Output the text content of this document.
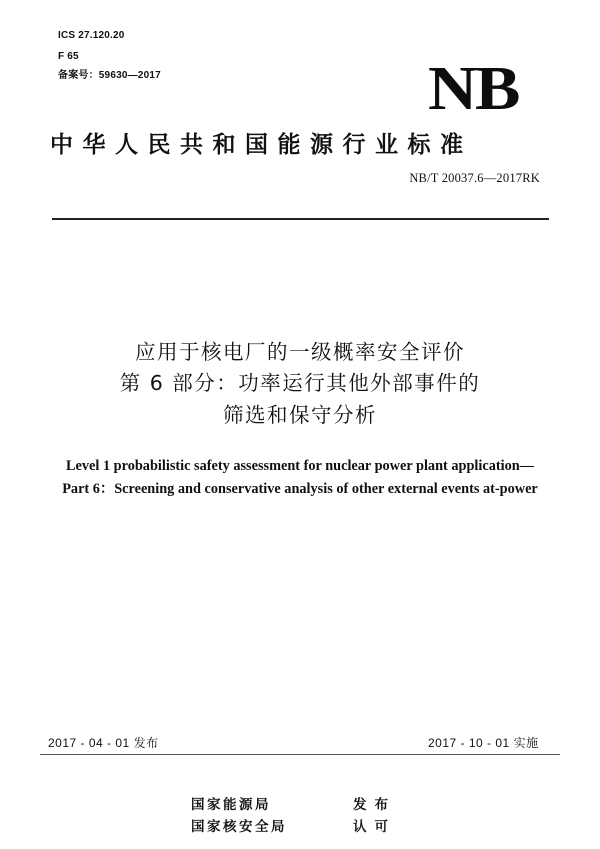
ICS 27.120.20
F 65
备案号：59630—2017	NB
中华人民共和国能源行业标准
NB/T 20037.6—2017RK
应用于核电厂的一级概率安全评价
第 6 部分：功率运行其他外部事件的
筛选和保守分析
Level 1 probabilistic safety assessment for nuclear power plant application—
Part 6：Screening and conservative analysis of other external events at-power
2017 - 04 - 01 发布	2017 - 10 - 01 实施
国家能源局	发布
国家核安全局	认可
